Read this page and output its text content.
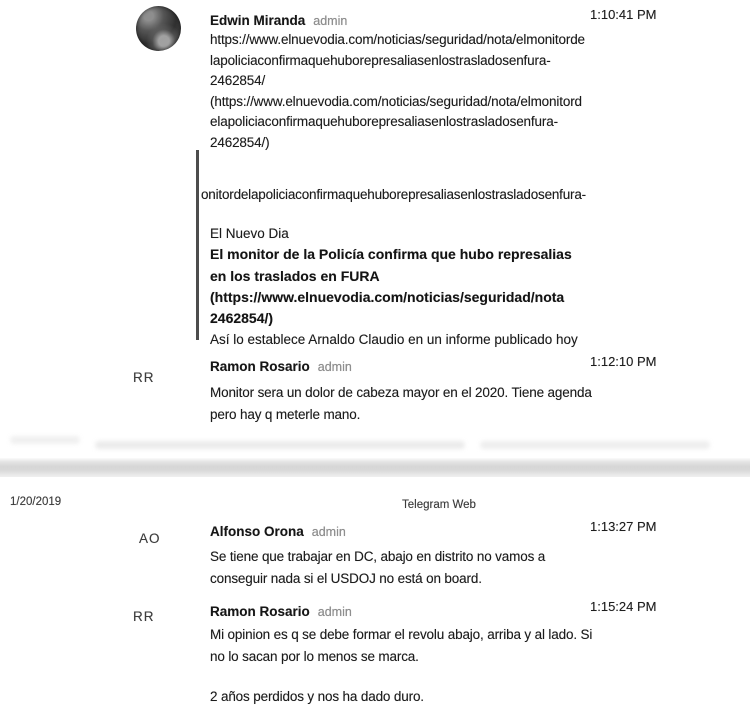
Edwin Miranda admin	1:10:41 PM
https://www.elnuevodia.com/noticias/seguridad/nota/elmonitorde
lapoliciaconfirmaquehuborepresaliasenlostrasladosenfura-
2462854/
(https://www.elnuevodia.com/noticias/seguridad/nota/elmonitord
elapoliciaconfirmaquehuborepresaliasenlostrasladosenfura-
2462854/)
onitordelapoliciaconfirmaquehuborepresaliasenlostrasladosenfura-
El Nuevo Dia
El monitor de la Policía confirma que hubo represalias
en los traslados en FURA
(https://www.elnuevodia.com/noticias/seguridad/nota
2462854/)
Así lo establece Arnaldo Claudio en un informe publicado hoy
RR
Ramon Rosario admin	1:12:10 PM
Monitor sera un dolor de cabeza mayor en el 2020. Tiene agenda
pero hay q meterle mano.
1/20/2019	Telegram Web
AO	Alfonso Orona admin	1:13:27 PM
Se tiene que trabajar en DC, abajo en distrito no vamos a
conseguir nada si el USDOJ no está on board.
RR	Ramon Rosario admin	1:15:24 PM
Mi opinion es q se debe formar el revolu abajo, arriba y al lado. Si
no lo sacan por lo menos se marca.
2 años perdidos y nos ha dado duro.
